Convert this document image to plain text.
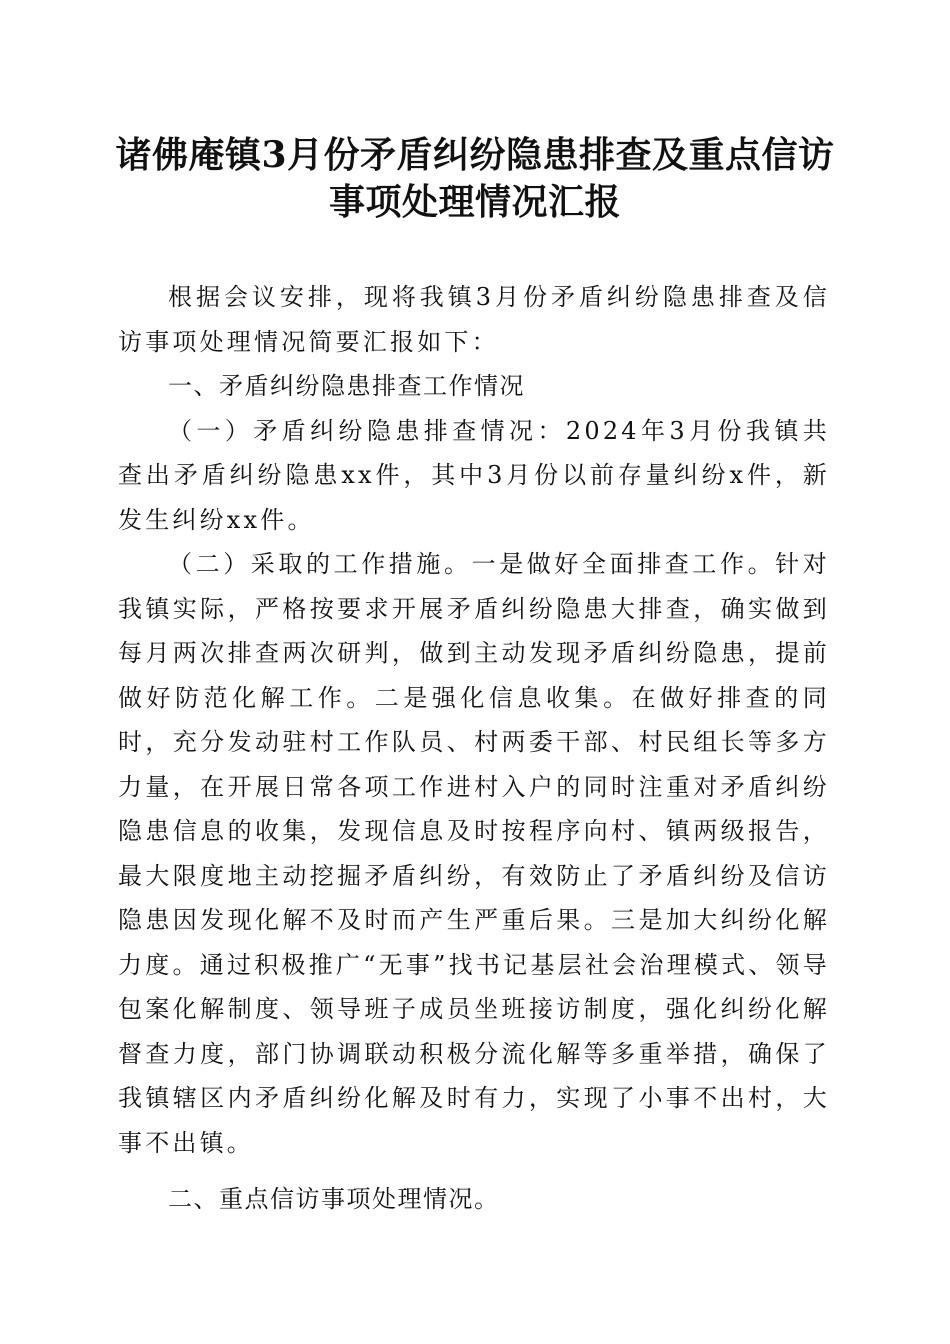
诸佛庵镇3月份矛盾纠纷隐患排查及重点信访
事项处理情况汇报

根据会议安排，现将我镇3月份矛盾纠纷隐患排查及信访事项处理情况简要汇报如下：

一、矛盾纠纷隐患排查工作情况

（一）矛盾纠纷隐患排查情况：2024年3月份我镇共查出矛盾纠纷隐患xx件，其中3月份以前存量纠纷x件，新发生纠纷xx件。

（二）采取的工作措施。一是做好全面排查工作。针对我镇实际，严格按要求开展矛盾纠纷隐患大排查，确实做到每月两次排查两次研判，做到主动发现矛盾纠纷隐患，提前做好防范化解工作。二是强化信息收集。在做好排查的同时，充分发动驻村工作队员、村两委干部、村民组长等多方力量，在开展日常各项工作进村入户的同时注重对矛盾纠纷隐患信息的收集，发现信息及时按程序向村、镇两级报告，最大限度地主动挖掘矛盾纠纷，有效防止了矛盾纠纷及信访隐患因发现化解不及时而产生严重后果。三是加大纠纷化解力度。通过积极推广“无事”找书记基层社会治理模式、领导包案化解制度、领导班子成员坐班接访制度，强化纠纷化解督查力度，部门协调联动积极分流化解等多重举措，确保了我镇辖区内矛盾纠纷化解及时有力，实现了小事不出村，大事不出镇。

二、重点信访事项处理情况。
